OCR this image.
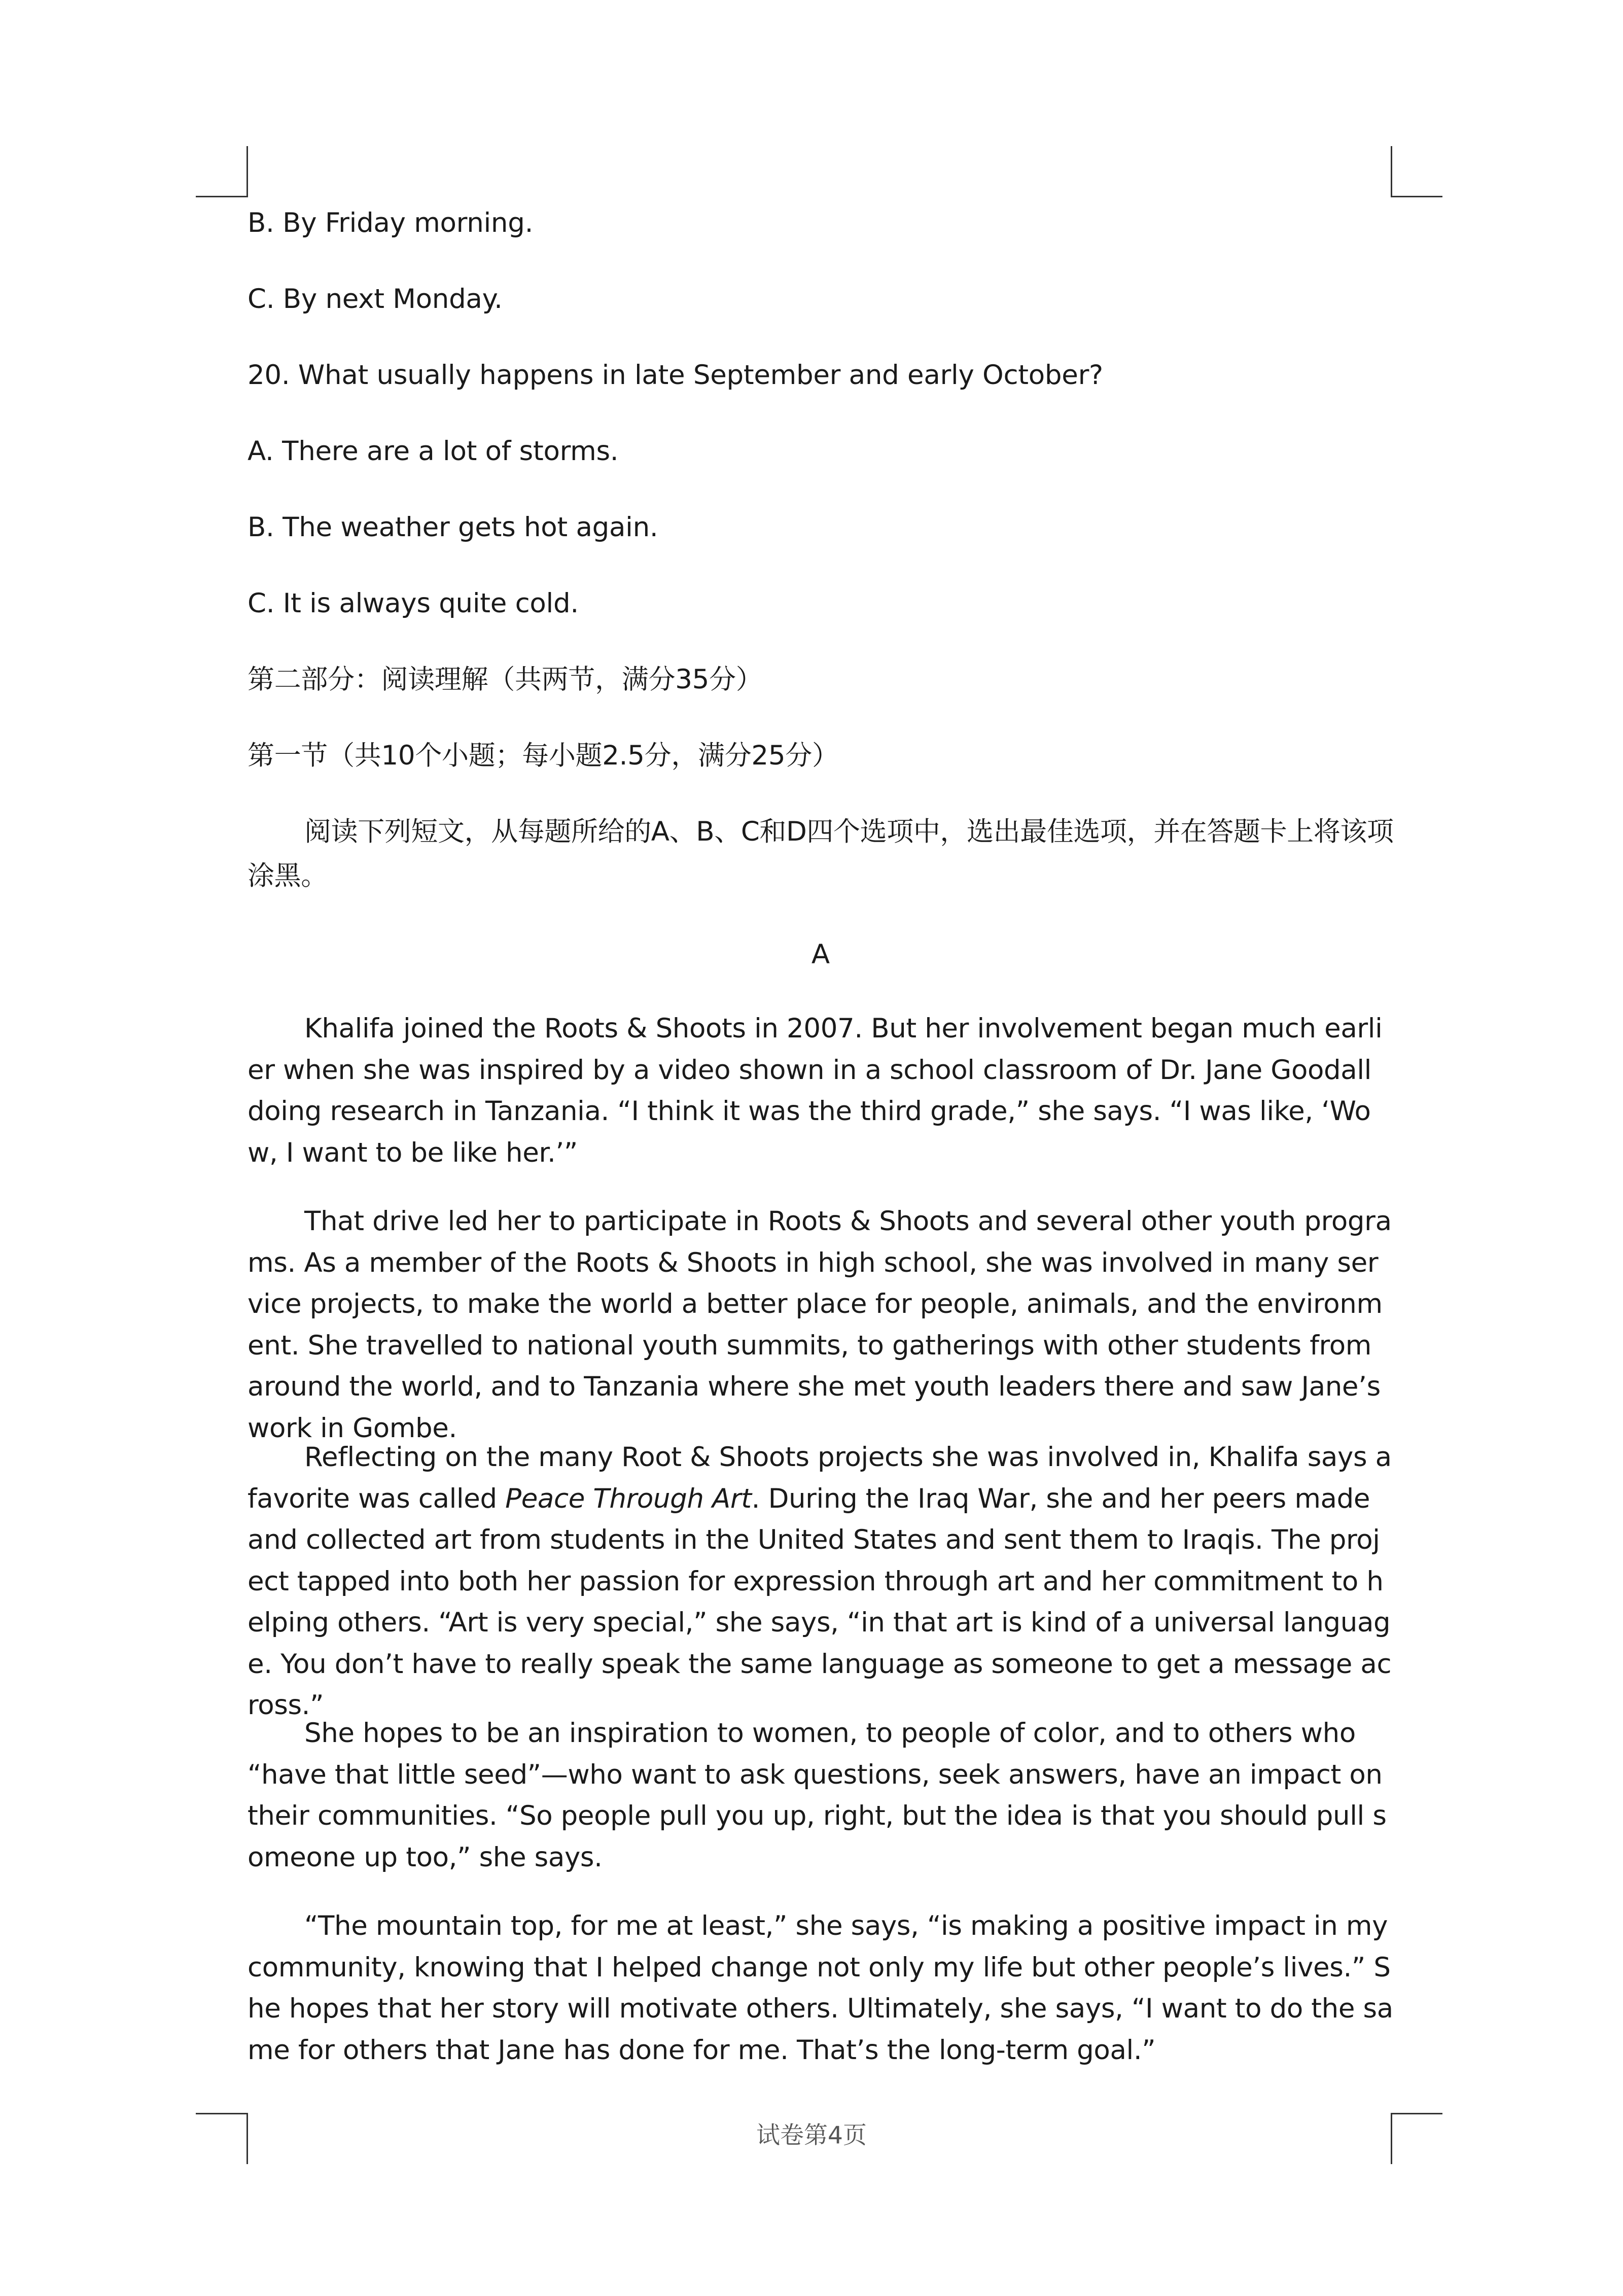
B. By Friday morning.
C. By next Monday.
20. What usually happens in late September and early October?
A. There are a lot of storms.
B. The weather gets hot again.
C. It is always quite cold.
第二部分：阅读理解（共两节，满分35分）
第一节（共10个小题；每小题2.5分，满分25分）
阅读下列短文，从每题所给的A、B、C和D四个选项中，选出最佳选项，并在答题卡上将该项涂黑。
A
Khalifa joined the Roots & Shoots in 2007. But her involvement began much earlier when she was inspired by a video shown in a school classroom of Dr. Jane Goodall doing research in Tanzania. “I think it was the third grade,” she says. “I was like, ‘Wow, I want to be like her.’”
That drive led her to participate in Roots & Shoots and several other youth programs. As a member of the Roots & Shoots in high school, she was involved in many service projects, to make the world a better place for people, animals, and the environment. She travelled to national youth summits, to gatherings with other students from around the world, and to Tanzania where she met youth leaders there and saw Jane’s work in Gombe.
Reflecting on the many Root & Shoots projects she was involved in, Khalifa says a favorite was called Peace Through Art. During the Iraq War, she and her peers made and collected art from students in the United States and sent them to Iraqis. The project tapped into both her passion for expression through art and her commitment to helping others. “Art is very special,” she says, “in that art is kind of a universal language. You don’t have to really speak the same language as someone to get a message across.”
She hopes to be an inspiration to women, to people of color, and to others who “have that little seed”—who want to ask questions, seek answers, have an impact on their communities. “So people pull you up, right, but the idea is that you should pull someone up too,” she says.
“The mountain top, for me at least,” she says, “is making a positive impact in my community, knowing that I helped change not only my life but other people’s lives.” She hopes that her story will motivate others. Ultimately, she says, “I want to do the same for others that Jane has done for me. That’s the long-term goal.”
试卷第4页
